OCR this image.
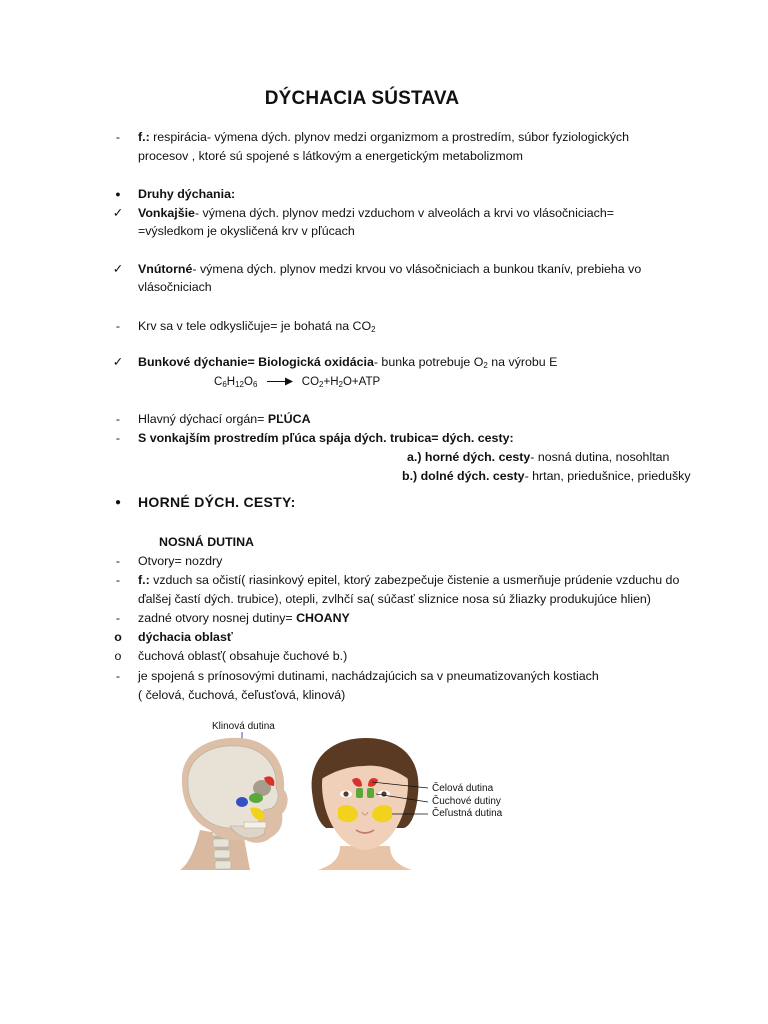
DÝCHACIA SÚSTAVA
-	f.: respirácia- výmena dých. plynov medzi organizmom a prostredím, súbor fyziologických
procesov , ktoré sú spojené s látkovým a energetickým metabolizmom
●	Druhy dýchania:
✓ Vonkajšie- výmena dých. plynov medzi vzduchom v alveolách a krvi vo vlásočniciach=
=výsledkom je okysličená krv v pľúcach
✓ Vnútorné- výmena dých. plynov medzi krvou vo vlásočniciach a bunkou tkanív, prebieha vo
vlásočniciach
-	Krv sa v tele odkysličuje= je bohatá na $CO_2$
✓ Bunkové dýchanie= Biologická oxidácia- bunka potrebuje $O_2$ na výrobu E
$C_6H_{12}O_6 \to CO_2+H_2O+ATP$
-	Hlavný dýchací orgán= PĽÚCA
-	S vonkajším prostredím pľúca spája dých. trubica= dých. cesty:
a.) horné dých. cesty- nosná dutina, nosohltan
b.) dolné dých. cesty- hrtan, priedušnice, priedušky
● HORNÉ DÝCH. CESTY:
NOSNÁ DUTINA
-	Otvory= nozdry
-	f.: vzduch sa očistí( riasinkový epitel, ktorý zabezpečuje čistenie a usmerňuje prúdenie vzduchu do
ďalšej častí dých. trubice), otepli, zvlhčí sa( súčasť sliznice nosa sú žliazky produkujúce hlien)
-	zadné otvory nosnej dutiny= CHOANY
o dýchacia oblasť
o čuchová oblasť( obsahuje čuchové b.)
-	je spojená s prínosovými dutinami, nachádzajúcich sa v pneumatizovaných kostiach
( čelová, čuchová, čeľusťová, klinová)
Klinová dutina
Čelová dutina
Čuchové dutiny
Čeľustná dutina
